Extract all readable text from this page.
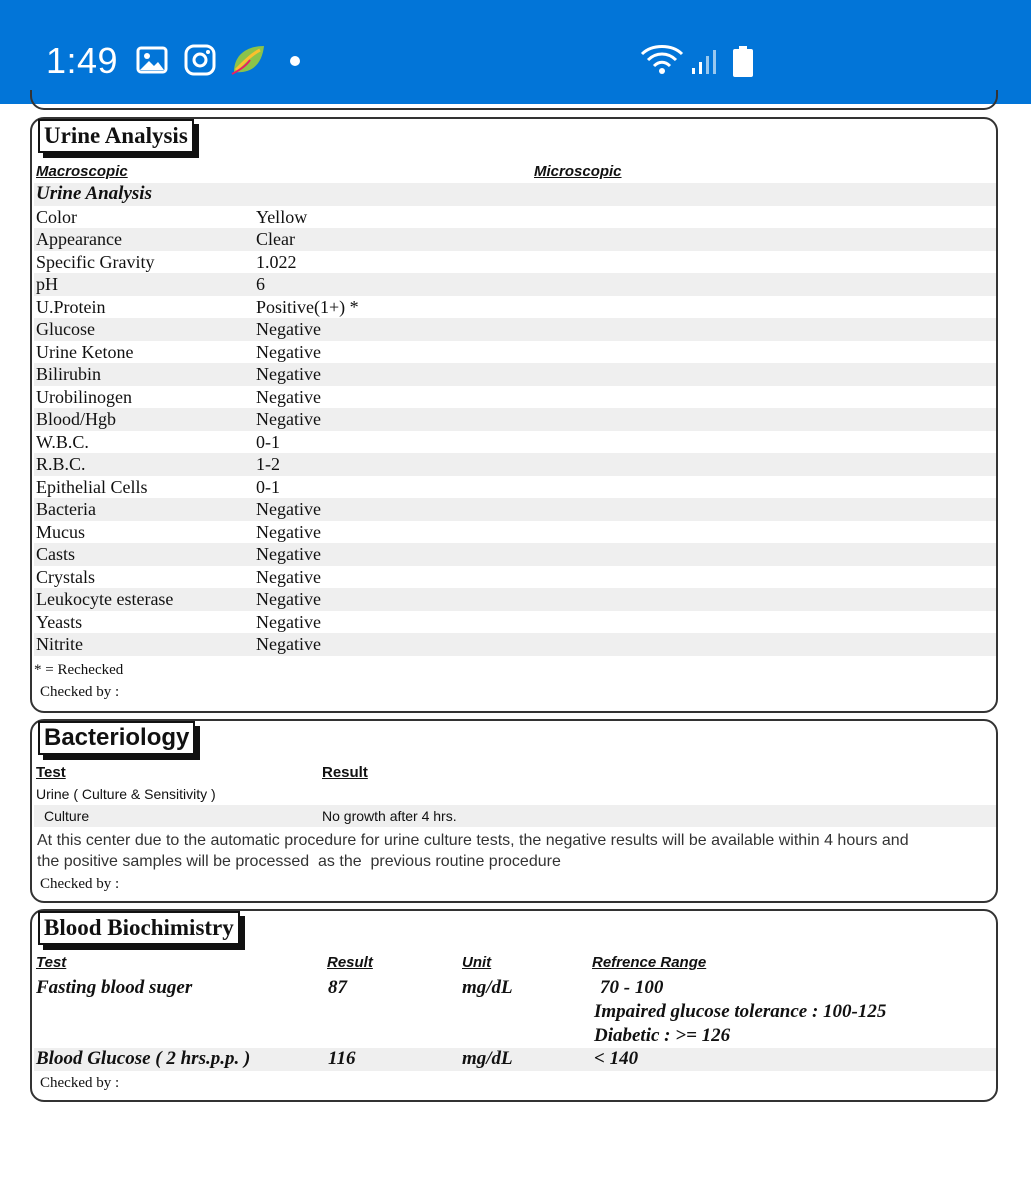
1:49
Urine Analysis
Macroscopic	Microscopic
Urine Analysis
Color	Yellow
Appearance	Clear
Specific Gravity	1.022
pH	6
U.Protein	Positive(1+) *
Glucose	Negative
Urine Ketone	Negative
Bilirubin	Negative
Urobilinogen	Negative
Blood/Hgb	Negative
W.B.C.	0-1
R.B.C.	1-2
Epithelial Cells	0-1
Bacteria	Negative
Mucus	Negative
Casts	Negative
Crystals	Negative
Leukocyte esterase	Negative
Yeasts	Negative
Nitrite	Negative
* = Rechecked
Checked by :
Bacteriology
Test	Result
Urine ( Culture & Sensitivity )
Culture	No growth after 4 hrs.
At this center due to the automatic procedure for urine culture tests, the negative results will be available within 4 hours and
the positive samples will be processed  as the  previous routine procedure
Checked by :
Blood Biochimistry
Test	Result	Unit	Refrence Range
Fasting blood suger	87	mg/dL	70 - 100
Impaired glucose tolerance : 100-125
Diabetic : >= 126
Blood Glucose ( 2 hrs.p.p. )	116	mg/dL	< 140
Checked by :
